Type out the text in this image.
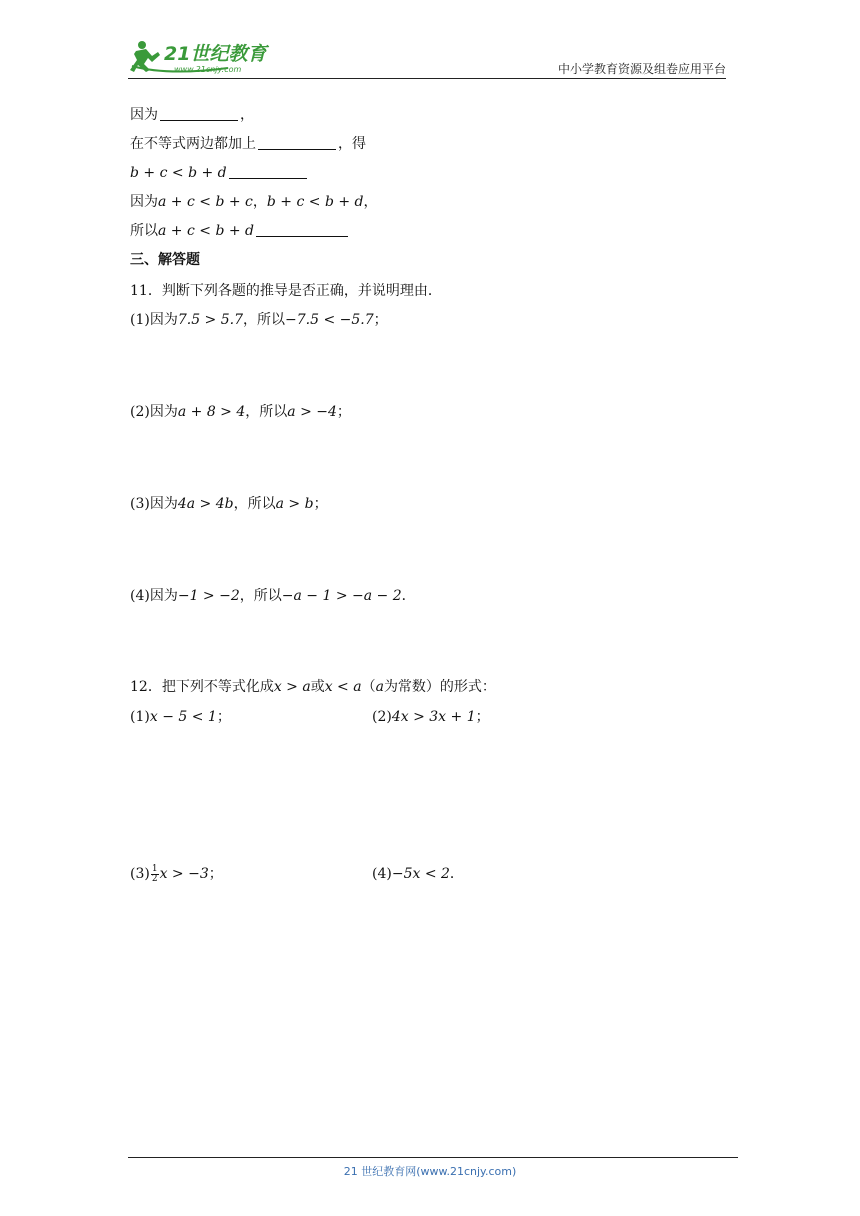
21世纪教育
www.21cnjy.com	中小学教育资源及组卷应用平台
因为	，
在不等式两边都加上	，得
b + c < b + d
因为a + c < b + c，b + c < b + d，
所以a + c < b + d
三、解答题
11．判断下列各题的推导是否正确，并说明理由．
(1)因为7.5 > 5.7，所以−7.5 < −5.7；
(2)因为a + 8 > 4，所以a > −4；
(3)因为4a > 4b，所以a > b；
(4)因为−1 > −2，所以−a − 1 > −a − 2．
12．把下列不等式化成x > a或x < a（a为常数）的形式：
(1)x − 5 < 1；	(2)4x > 3x + 1；
$(3) \frac{1}{2}$ x > −3；	(4)−5x < 2．
21 世纪教育网(www.21cnjy.com)
